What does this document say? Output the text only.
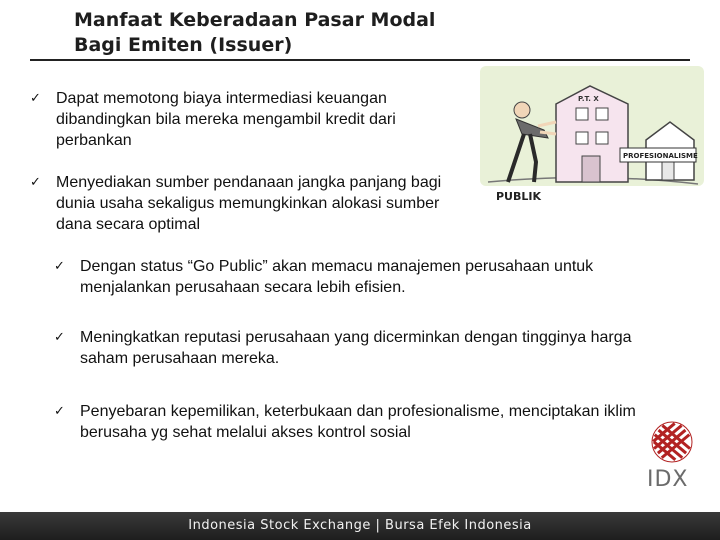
Manfaat Keberadaan Pasar Modal
Bagi Emiten (Issuer)
✓ Dapat memotong biaya intermediasi keuangan dibandingkan bila mereka mengambil kredit dari perbankan
✓ Menyediakan sumber pendanaan jangka panjang bagi dunia usaha sekaligus memungkinkan alokasi sumber dana secara optimal
✓ Dengan status “Go Public” akan memacu manajemen perusahaan untuk menjalankan perusahaan secara lebih efisien.
✓ Meningkatkan reputasi perusahaan yang dicerminkan dengan tingginya harga saham perusahaan mereka.
✓ Penyebaran kepemilikan, keterbukaan dan profesionalisme, menciptakan iklim berusaha yg sehat melalui akses kontrol sosial
P.T. X
PROFESIONALISME
PUBLIK
IDX
Indonesia Stock Exchange | Bursa Efek Indonesia
